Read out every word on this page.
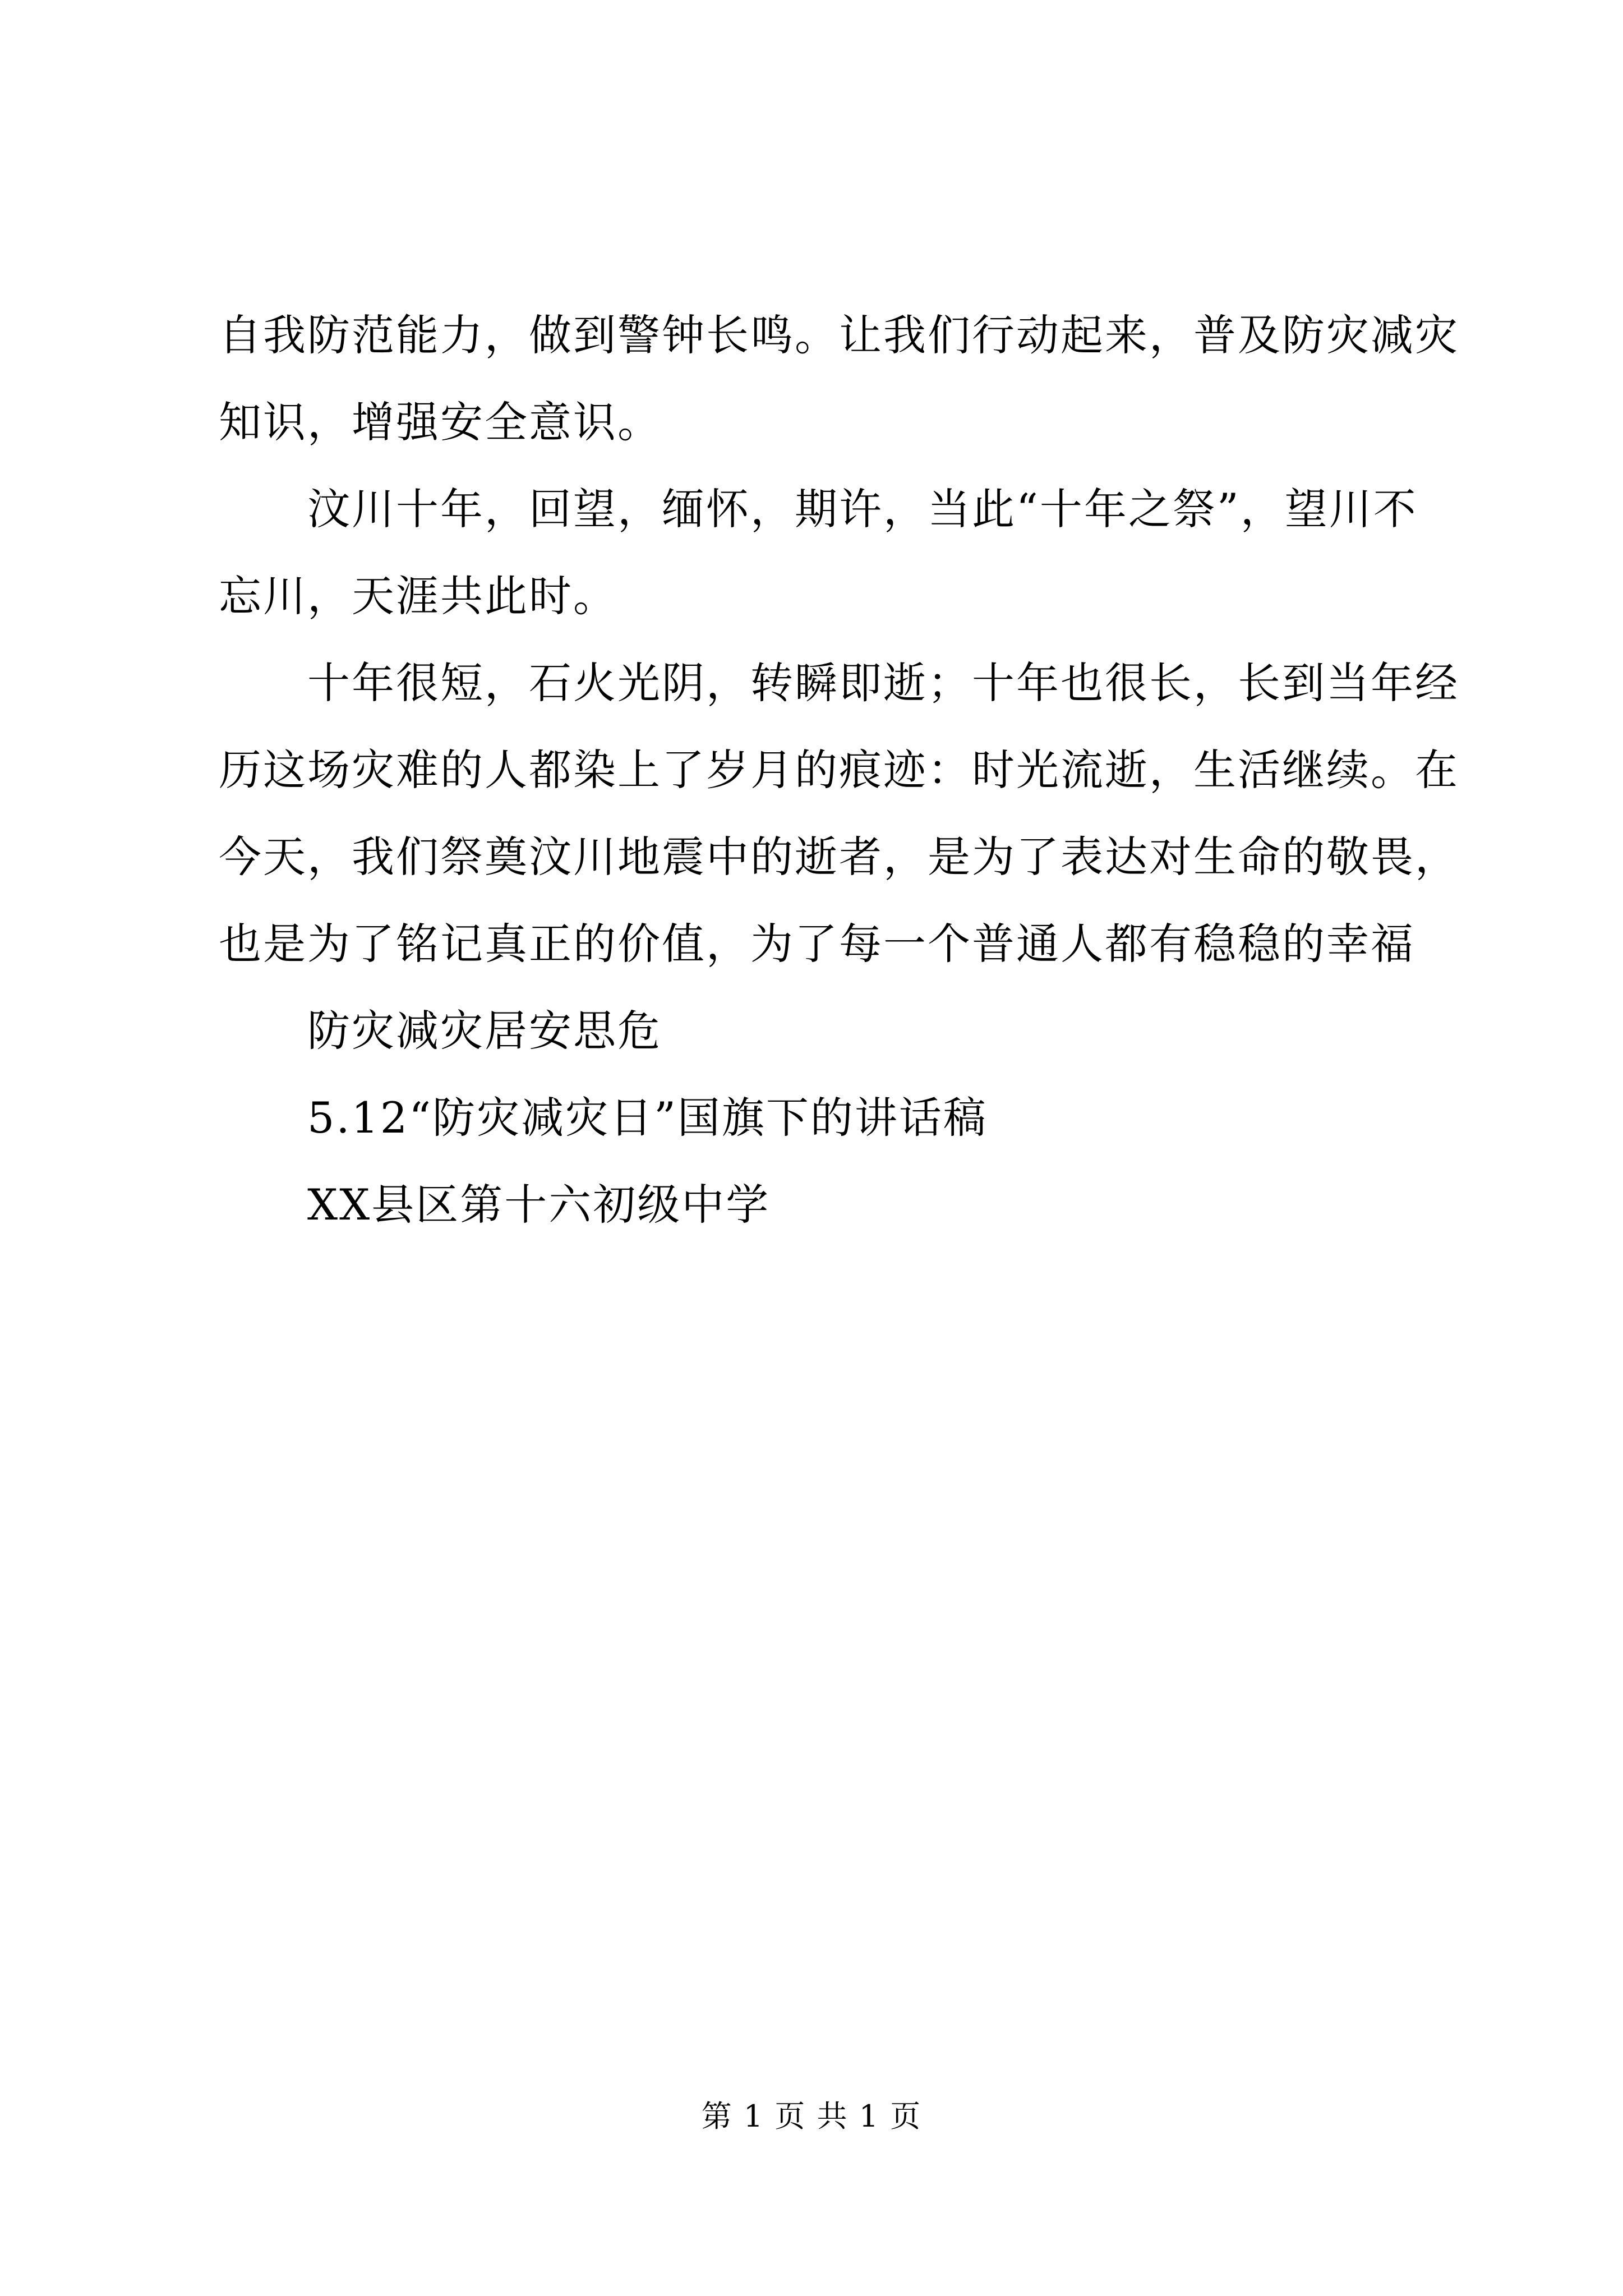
自我防范能力，做到警钟长鸣。让我们行动起来，普及防灾减灾
知识，增强安全意识。
汶川十年，回望，缅怀，期许，当此“十年之祭”，望川不
忘川，天涯共此时。
十年很短，石火光阴，转瞬即逝；十年也很长，长到当年经
历这场灾难的人都染上了岁月的痕迹：时光流逝，生活继续。在
今天，我们祭奠汶川地震中的逝者，是为了表达对生命的敬畏，
也是为了铭记真正的价值，为了每一个普通人都有稳稳的幸福
防灾减灾居安思危
5.12“防灾减灾日”国旗下的讲话稿
XX县区第十六初级中学
第 1 页 共 1 页
